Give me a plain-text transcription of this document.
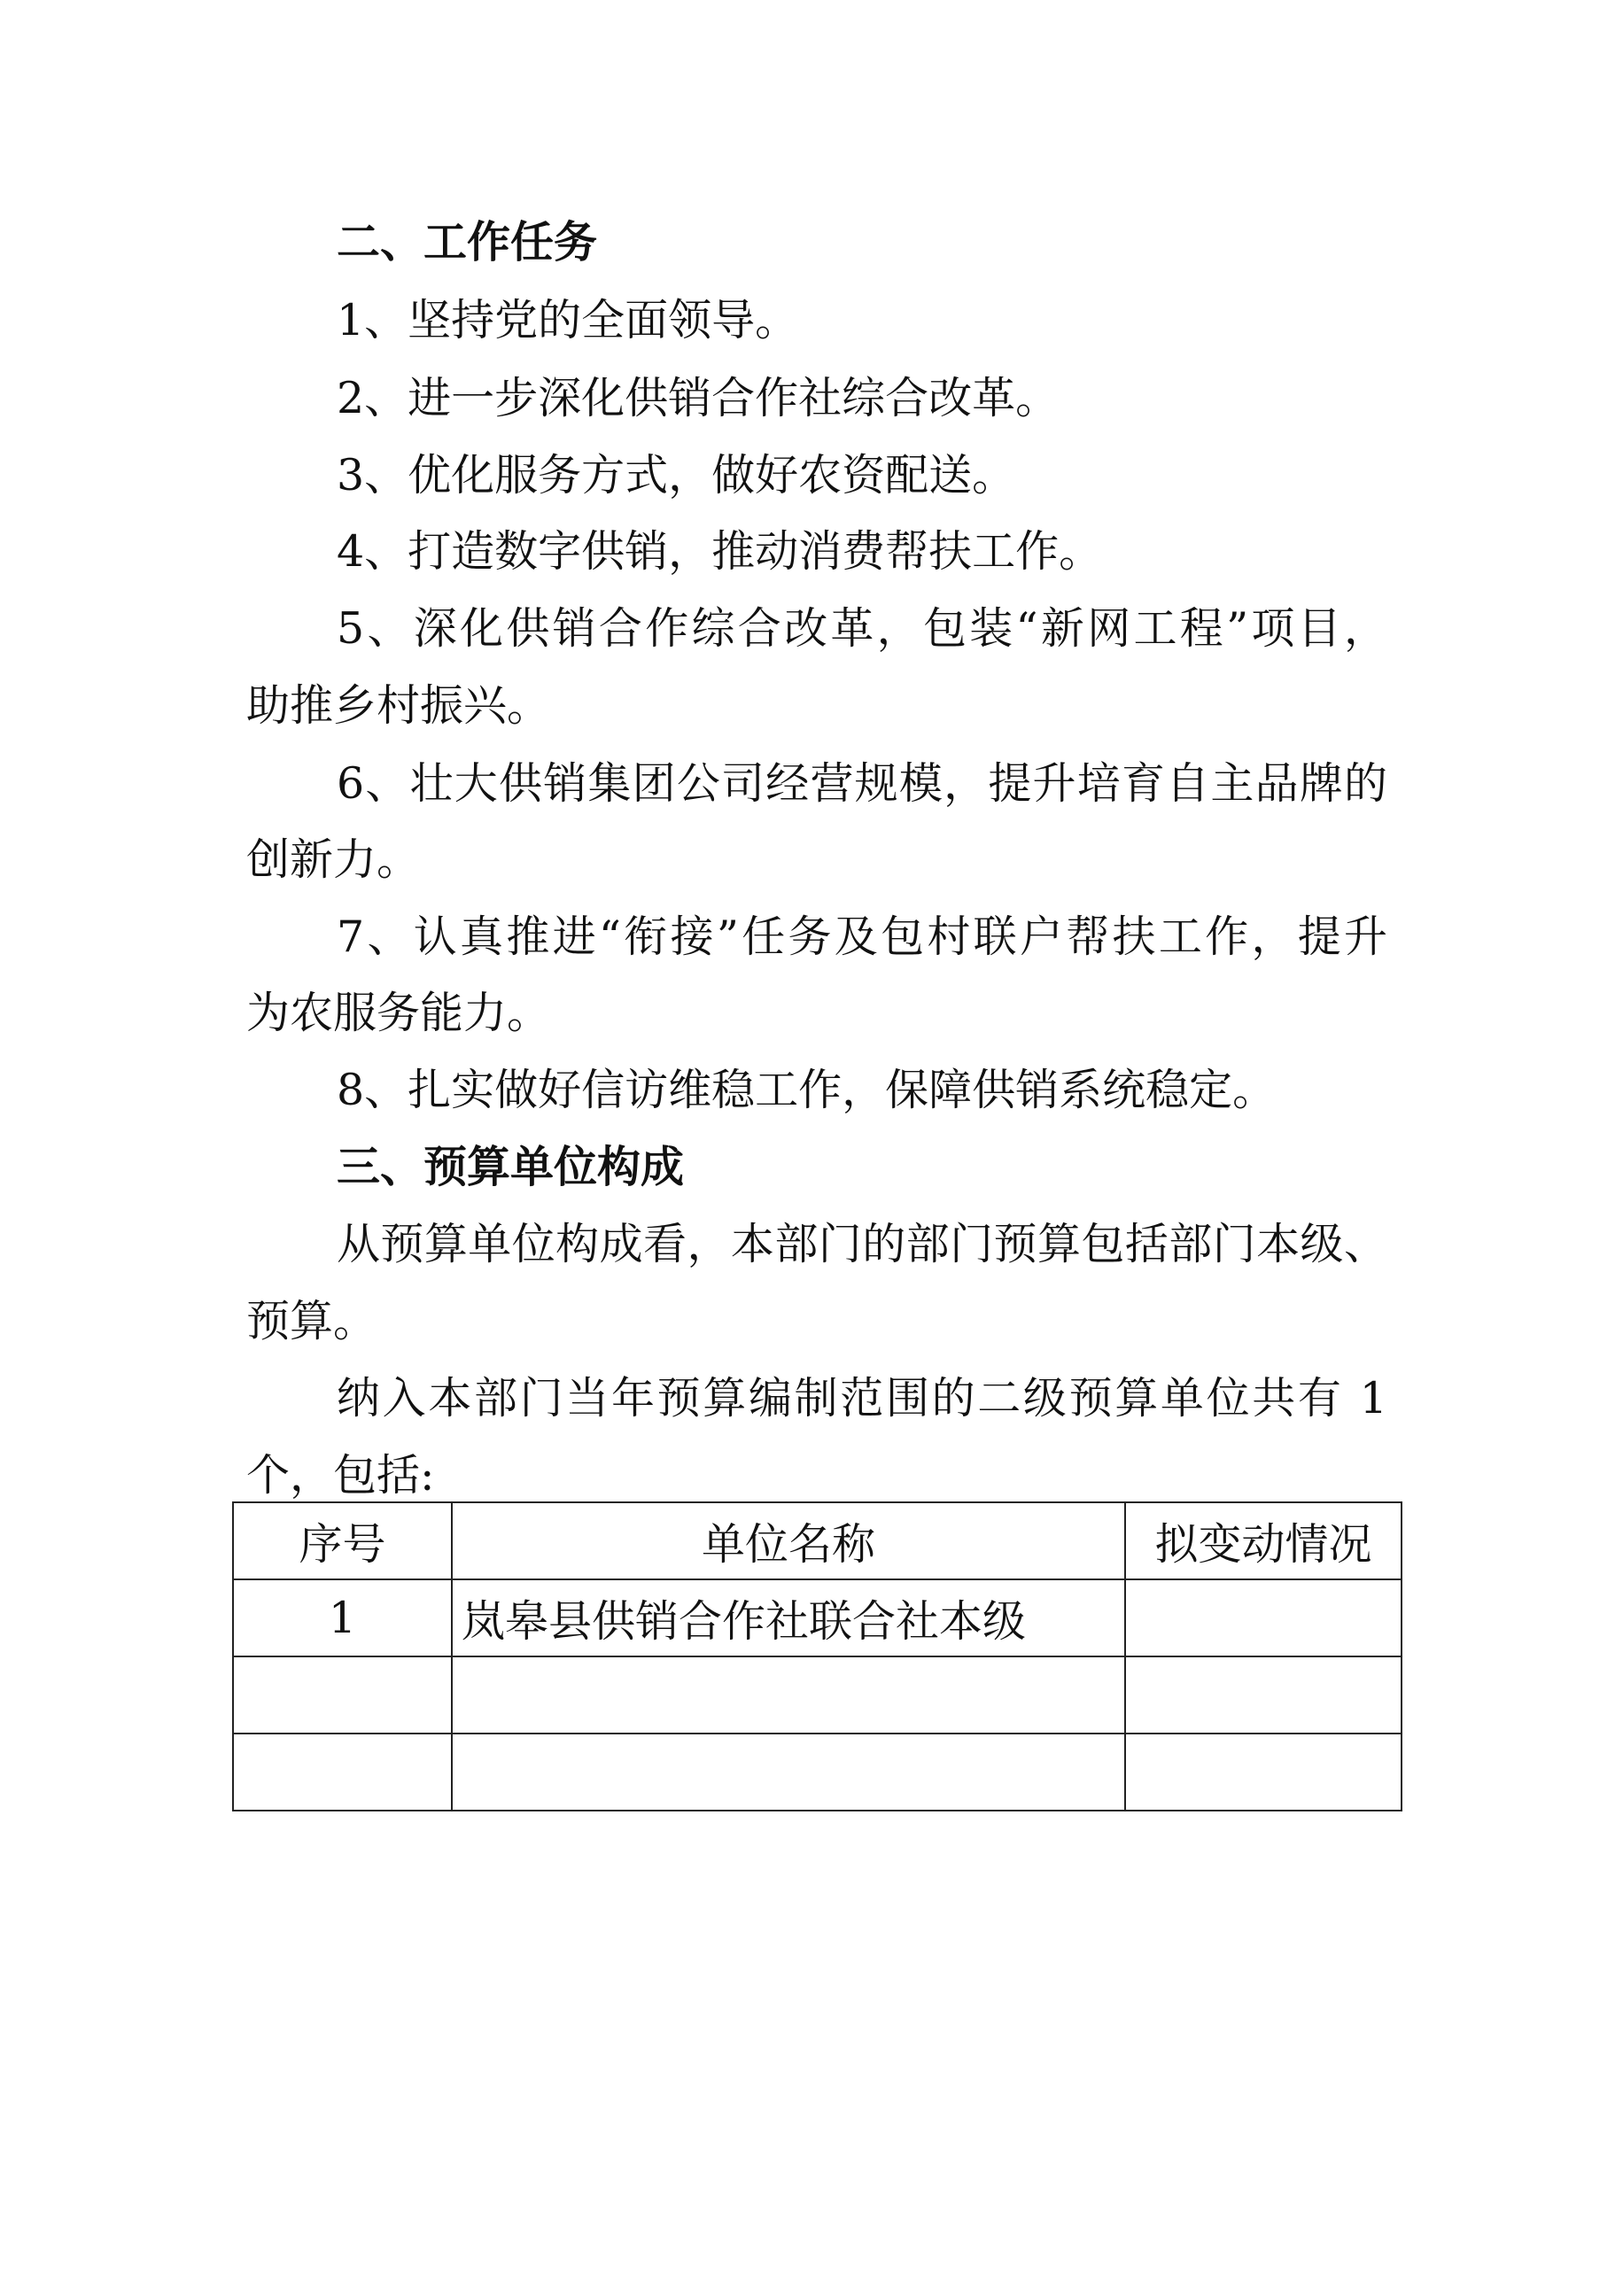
二、工作任务
1、坚持党的全面领导。
2、进一步深化供销合作社综合改革。
3、优化服务方式，做好农资配送。
4、打造数字供销，推动消费帮扶工作。
5、深化供销合作综合改革，包装“新网工程”项目，
助推乡村振兴。
6、壮大供销集团公司经营规模，提升培育自主品牌的
创新力。
7、认真推进“衔接”任务及包村联户帮扶工作，提升
为农服务能力。
8、扎实做好信访维稳工作，保障供销系统稳定。
三、预算单位构成
从预算单位构成看，本部门的部门预算包括部门本级、
预算。
纳入本部门当年预算编制范围的二级预算单位共有 1
个，包括:
序号	单位名称	拟变动情况
1	岚皋县供销合作社联合社本级	
